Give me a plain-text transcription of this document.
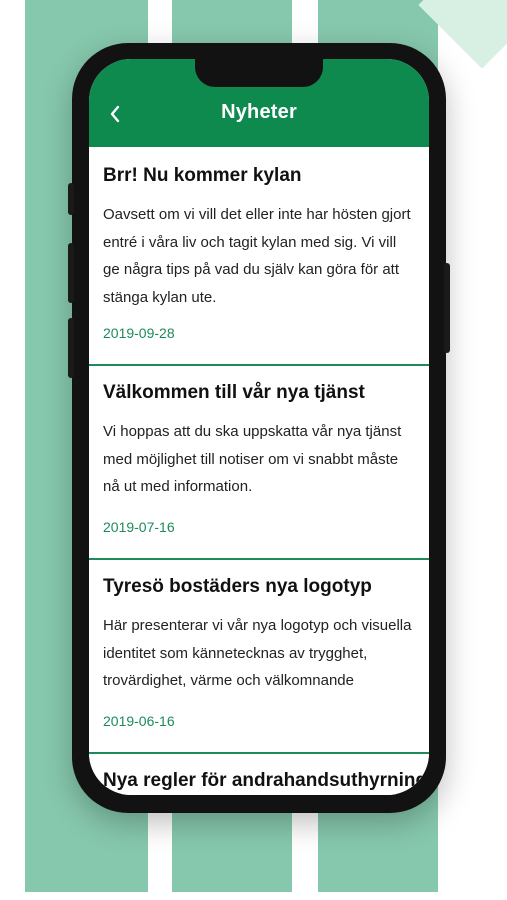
Nyheter
Brr! Nu kommer kylan

Oavsett om vi vill det eller inte har hösten gjort entré i våra liv och tagit kylan med sig. Vi vill ge några tips på vad du själv kan göra för att stänga kylan ute.

2019-09-28
Välkommen till vår nya tjänst

Vi hoppas att du ska uppskatta vår nya tjänst med möjlighet till notiser om vi snabbt måste nå ut med information.

2019-07-16
Tyresö bostäders nya logotyp

Här presenterar vi vår nya logotyp och visuella identitet som kännetecknas av trygghet, trovärdighet, värme och välkomnande

2019-06-16
Nya regler för andrahandsuthyrning
